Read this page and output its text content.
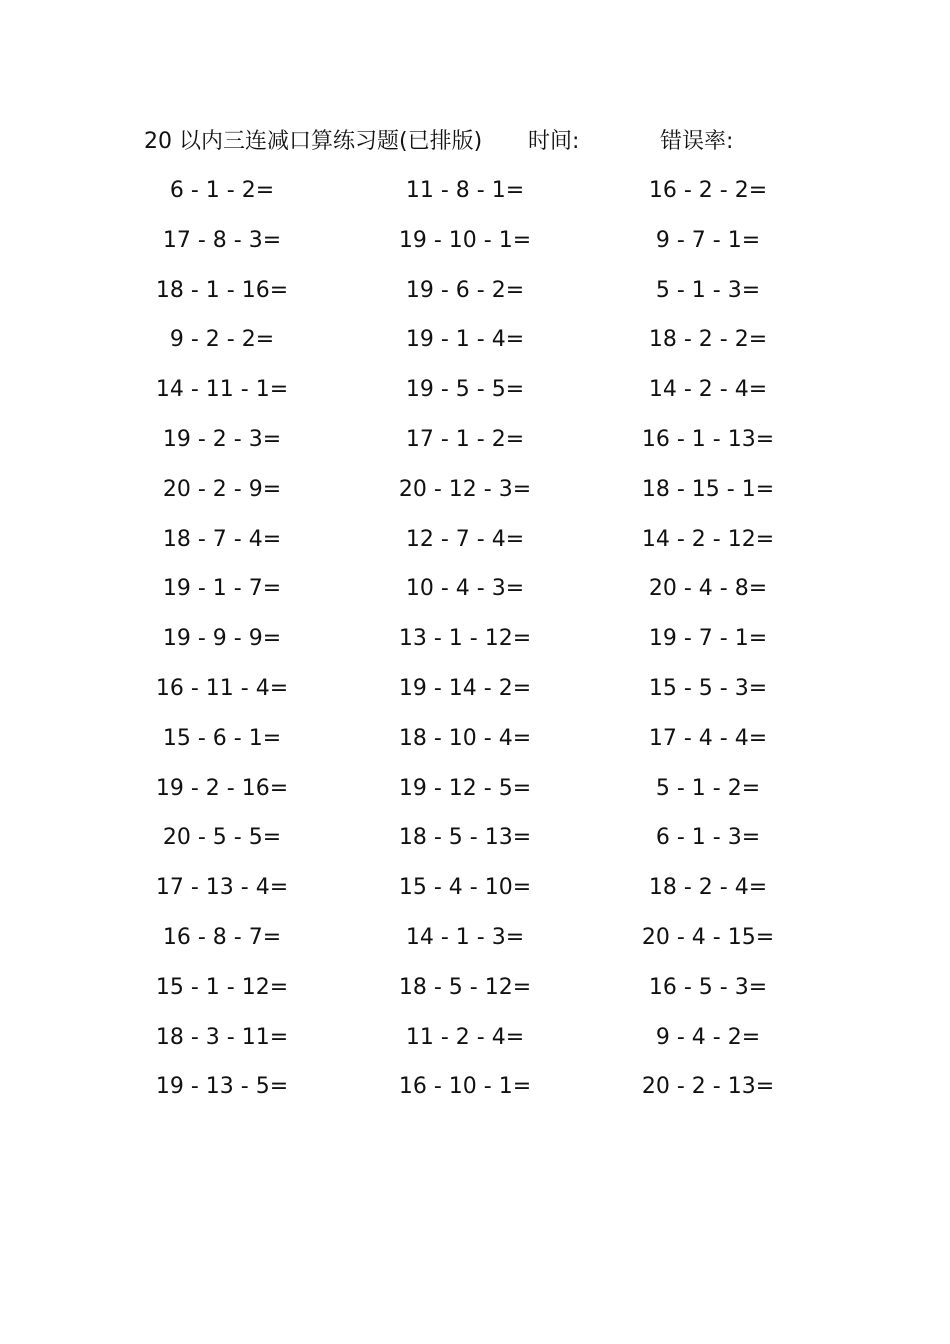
20 以内三连减口算练习题(已排版) 时间:	错误率:
6 - 1 - 2=	11 - 8 - 1=	16 - 2 - 2=
17 - 8 - 3=	19 - 10 - 1=	9 - 7 - 1=
18 - 1 - 16=	19 - 6 - 2=	5 - 1 - 3=
9 - 2 - 2=	19 - 1 - 4=	18 - 2 - 2=
14 - 11 - 1=	19 - 5 - 5=	14 - 2 - 4=
19 - 2 - 3=	17 - 1 - 2=	16 - 1 - 13=
20 - 2 - 9=	20 - 12 - 3=	18 - 15 - 1=
18 - 7 - 4=	12 - 7 - 4=	14 - 2 - 12=
19 - 1 - 7=	10 - 4 - 3=	20 - 4 - 8=
19 - 9 - 9=	13 - 1 - 12=	19 - 7 - 1=
16 - 11 - 4=	19 - 14 - 2=	15 - 5 - 3=
15 - 6 - 1=	18 - 10 - 4=	17 - 4 - 4=
19 - 2 - 16=	19 - 12 - 5=	5 - 1 - 2=
20 - 5 - 5=	18 - 5 - 13=	6 - 1 - 3=
17 - 13 - 4=	15 - 4 - 10=	18 - 2 - 4=
16 - 8 - 7=	14 - 1 - 3=	20 - 4 - 15=
15 - 1 - 12=	18 - 5 - 12=	16 - 5 - 3=
18 - 3 - 11=	11 - 2 - 4=	9 - 4 - 2=
19 - 13 - 5=	16 - 10 - 1=	20 - 2 - 13=
